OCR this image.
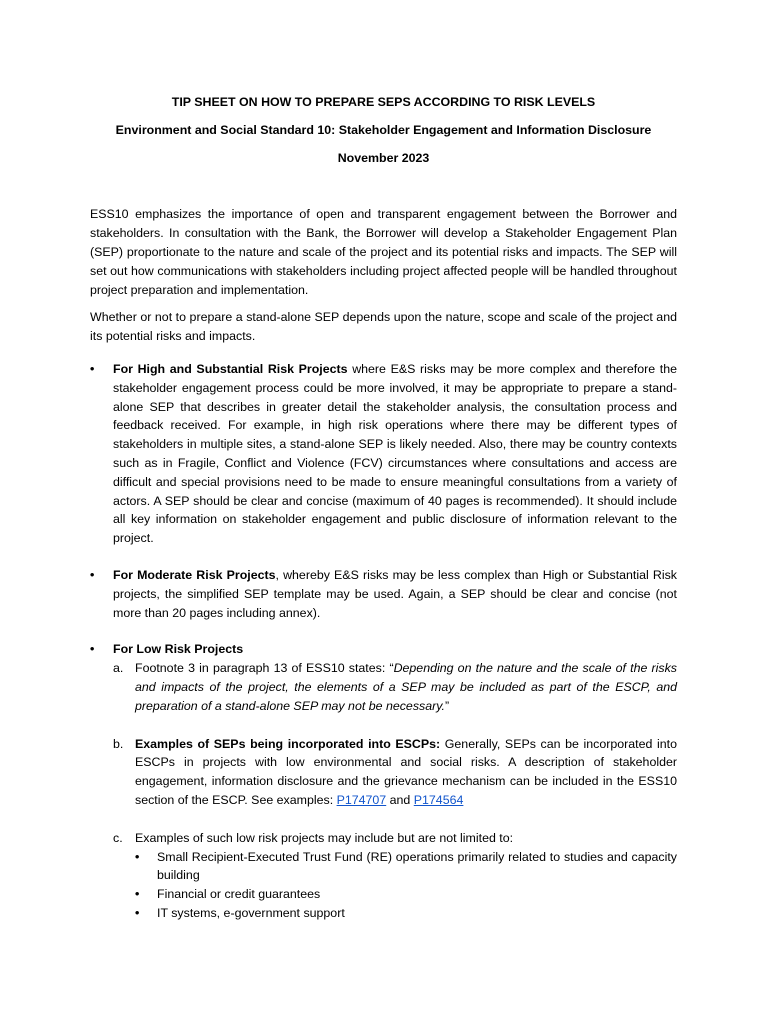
TIP SHEET ON HOW TO PREPARE SEPS ACCORDING TO RISK LEVELS

Environment and Social Standard 10: Stakeholder Engagement and Information Disclosure

November 2023

ESS10 emphasizes the importance of open and transparent engagement between the Borrower and stakeholders. In consultation with the Bank, the Borrower will develop a Stakeholder Engagement Plan (SEP) proportionate to the nature and scale of the project and its potential risks and impacts. The SEP will set out how communications with stakeholders including project affected people will be handled throughout project preparation and implementation.

Whether or not to prepare a stand-alone SEP depends upon the nature, scope and scale of the project and its potential risks and impacts.

• For High and Substantial Risk Projects where E&S risks may be more complex and therefore the stakeholder engagement process could be more involved, it may be appropriate to prepare a stand-alone SEP that describes in greater detail the stakeholder analysis, the consultation process and feedback received. For example, in high risk operations where there may be different types of stakeholders in multiple sites, a stand-alone SEP is likely needed. Also, there may be country contexts such as in Fragile, Conflict and Violence (FCV) circumstances where consultations and access are difficult and special provisions need to be made to ensure meaningful consultations from a variety of actors. A SEP should be clear and concise (maximum of 40 pages is recommended). It should include all key information on stakeholder engagement and public disclosure of information relevant to the project.
• For Moderate Risk Projects, whereby E&S risks may be less complex than High or Substantial Risk projects, the simplified SEP template may be used. Again, a SEP should be clear and concise (not more than 20 pages including annex).
• For Low Risk Projects
a. Footnote 3 in paragraph 13 of ESS10 states: “Depending on the nature and the scale of the risks and impacts of the project, the elements of a SEP may be included as part of the ESCP, and preparation of a stand-alone SEP may not be necessary.”
b. Examples of SEPs being incorporated into ESCPs: Generally, SEPs can be incorporated into ESCPs in projects with low environmental and social risks. A description of stakeholder engagement, information disclosure and the grievance mechanism can be included in the ESS10 section of the ESCP. See examples: P174707 and P174564
c. Examples of such low risk projects may include but are not limited to:
• Small Recipient-Executed Trust Fund (RE) operations primarily related to studies and capacity building
• Financial or credit guarantees
• IT systems, e-government support
